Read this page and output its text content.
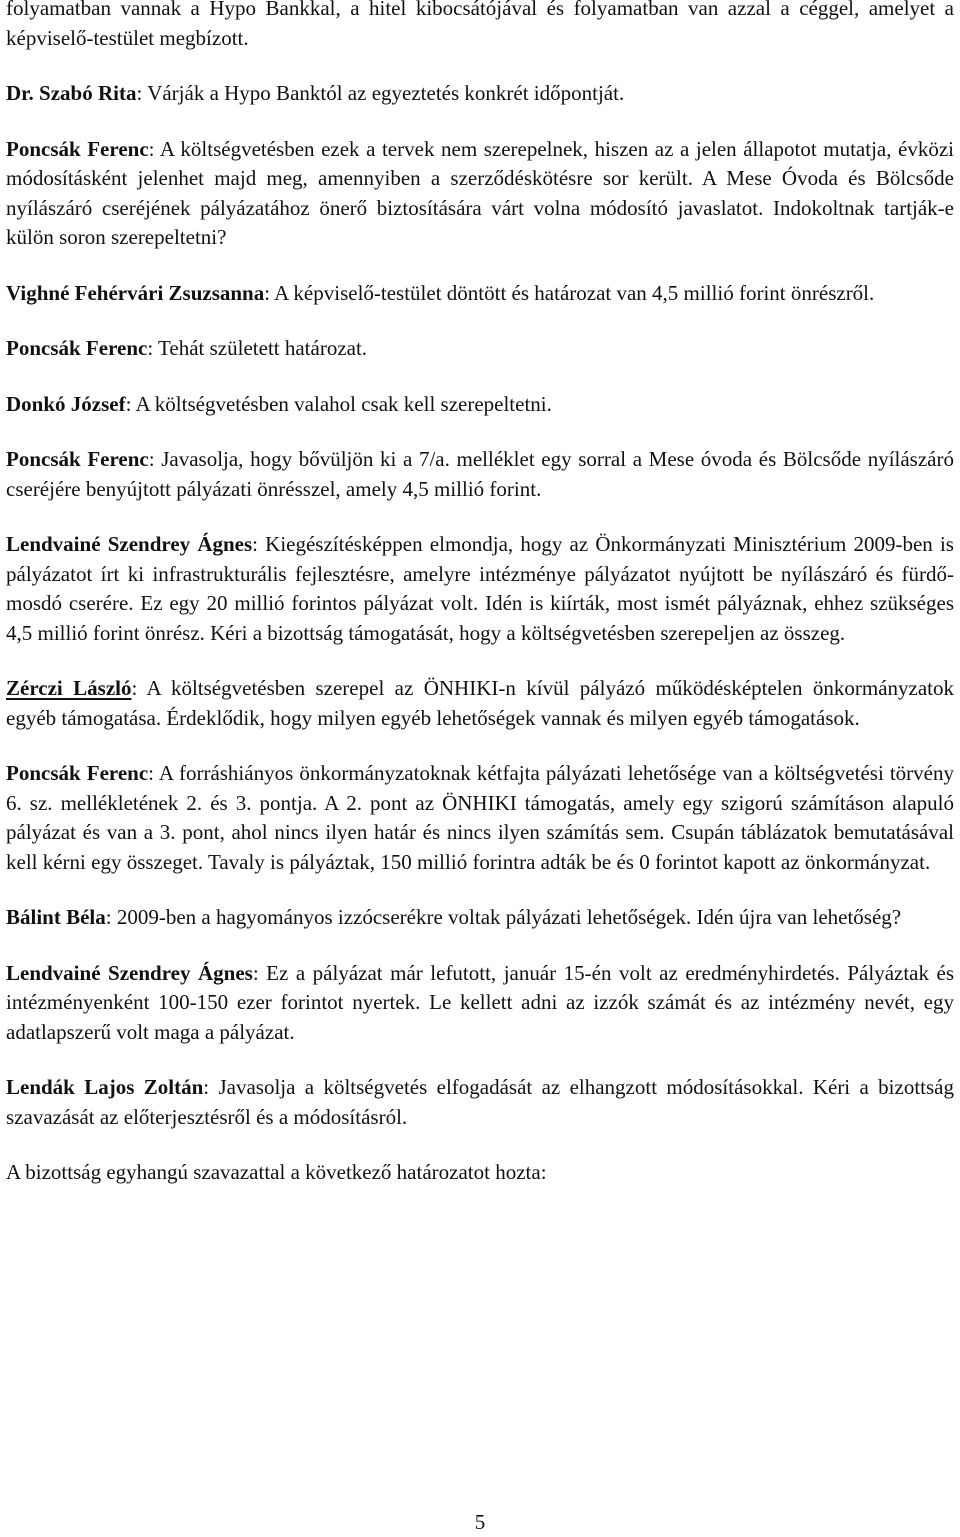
folyamatban vannak a Hypo Bankkal, a hitel kibocsátójával és folyamatban van azzal a céggel, amelyet a képviselő-testület megbízott.

Dr. Szabó Rita: Várják a Hypo Banktól az egyeztetés konkrét időpontját.

Poncsák Ferenc: A költségvetésben ezek a tervek nem szerepelnek, hiszen az a jelen állapotot mutatja, évközi módosításként jelenhet majd meg, amennyiben a szerződéskötésre sor került. A Mese Óvoda és Bölcsőde nyílászáró cseréjének pályázatához önerő biztosítására várt volna módosító javaslatot. Indokoltnak tartják-e külön soron szerepeltetni?

Vighné Fehérvári Zsuzsanna: A képviselő-testület döntött és határozat van 4,5 millió forint önrészről.

Poncsák Ferenc: Tehát született határozat.

Donkó József: A költségvetésben valahol csak kell szerepeltetni.

Poncsák Ferenc: Javasolja, hogy bővüljön ki a 7/a. melléklet egy sorral a Mese óvoda és Bölcsőde nyílászáró cseréjére benyújtott pályázati önrésszel, amely 4,5 millió forint.

Lendvainé Szendrey Ágnes: Kiegészítésképpen elmondja, hogy az Önkormányzati Minisztérium 2009-ben is pályázatot írt ki infrastrukturális fejlesztésre, amelyre intézménye pályázatot nyújtott be nyílászáró és fürdő-mosdó cserére. Ez egy 20 millió forintos pályázat volt. Idén is kiírták, most ismét pályáznak, ehhez szükséges 4,5 millió forint önrész. Kéri a bizottság támogatását, hogy a költségvetésben szerepeljen az összeg.

Zérczi László: A költségvetésben szerepel az ÖNHIKI-n kívül pályázó működésképtelen önkormányzatok egyéb támogatása. Érdeklődik, hogy milyen egyéb lehetőségek vannak és milyen egyéb támogatások.

Poncsák Ferenc: A forráshiányos önkormányzatoknak kétfajta pályázati lehetősége van a költségvetési törvény 6. sz. mellékletének 2. és 3. pontja. A 2. pont az ÖNHIKI támogatás, amely egy szigorú számításon alapuló pályázat és van a 3. pont, ahol nincs ilyen határ és nincs ilyen számítás sem. Csupán táblázatok bemutatásával kell kérni egy összeget. Tavaly is pályáztak, 150 millió forintra adták be és 0 forintot kapott az önkormányzat.

Bálint Béla: 2009-ben a hagyományos izzócserékre voltak pályázati lehetőségek. Idén újra van lehetőség?

Lendvainé Szendrey Ágnes: Ez a pályázat már lefutott, január 15-én volt az eredményhirdetés. Pályáztak és intézményenként 100-150 ezer forintot nyertek. Le kellett adni az izzók számát és az intézmény nevét, egy adatlapszerű volt maga a pályázat.

Lendák Lajos Zoltán: Javasolja a költségvetés elfogadását az elhangzott módosításokkal. Kéri a bizottság szavazását az előterjesztésről és a módosításról.

A bizottság egyhangú szavazattal a következő határozatot hozta:

5
